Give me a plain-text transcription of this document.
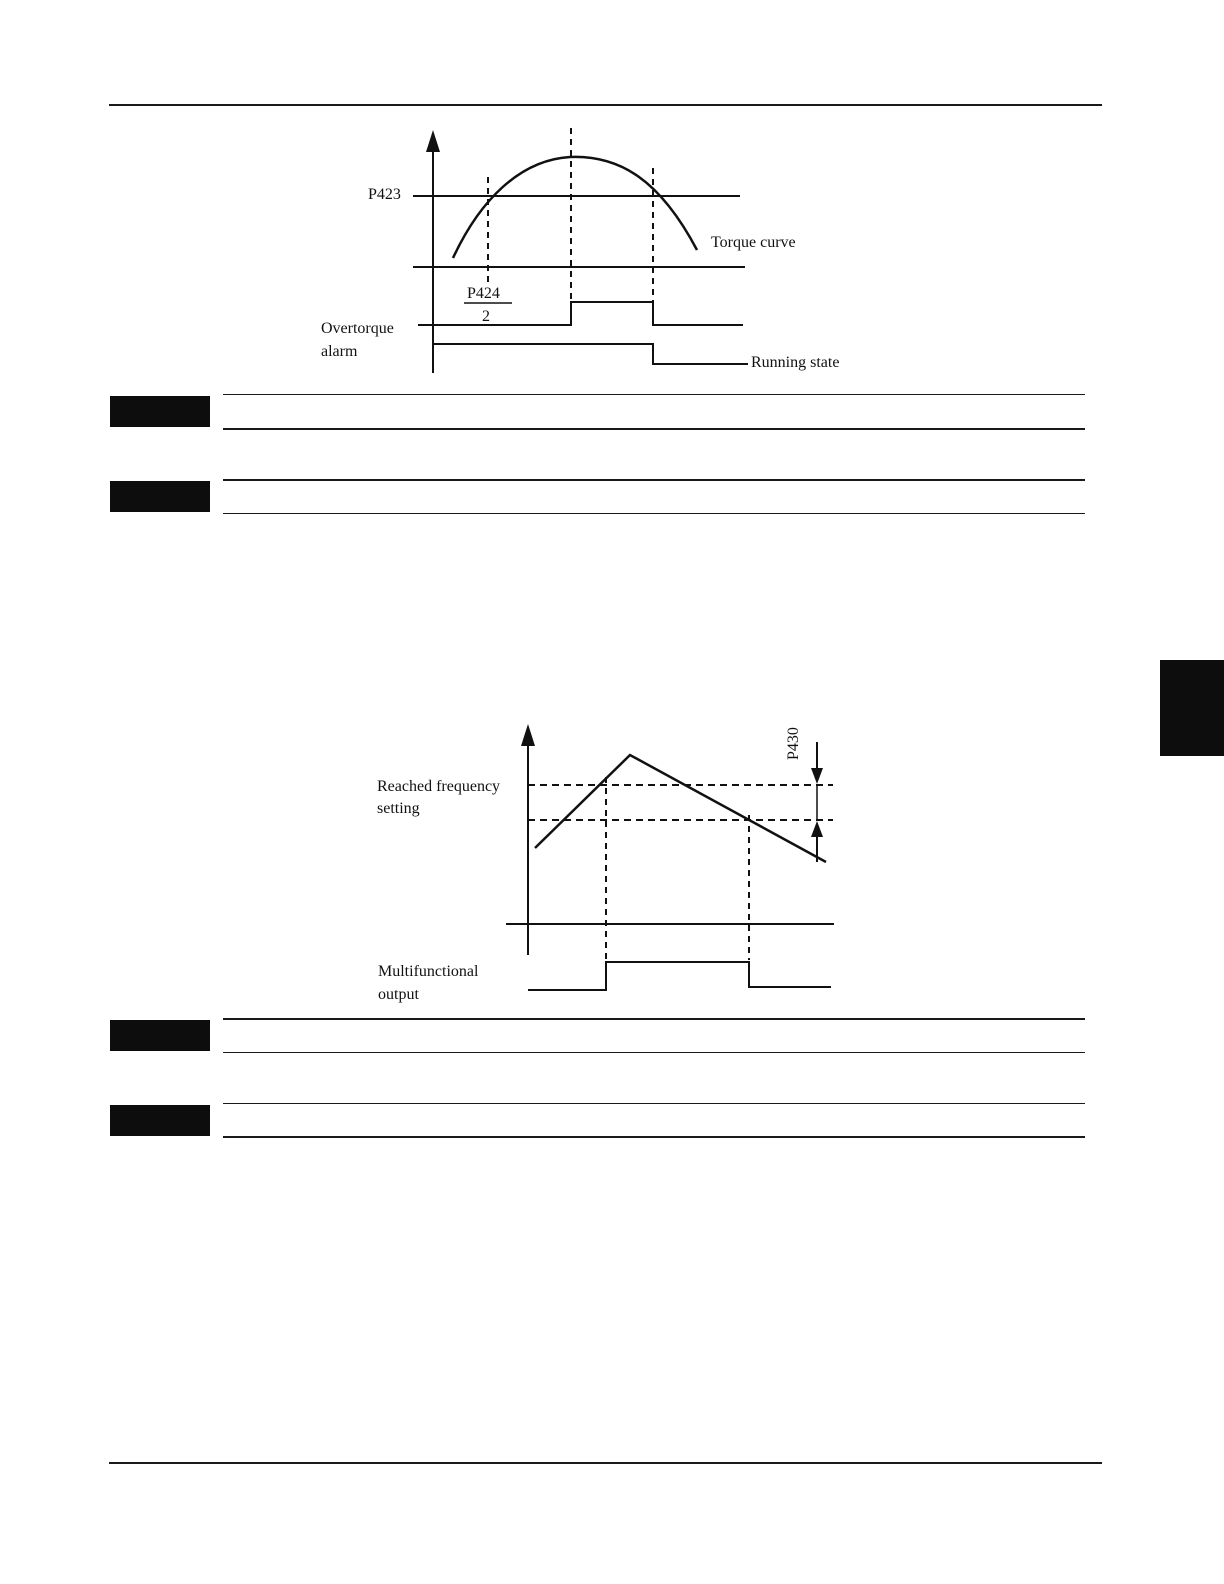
P423
Torque curve
P424
2
Overtorque
alarm
Running state
Reached frequency
setting
P430
Multifunctional
output
